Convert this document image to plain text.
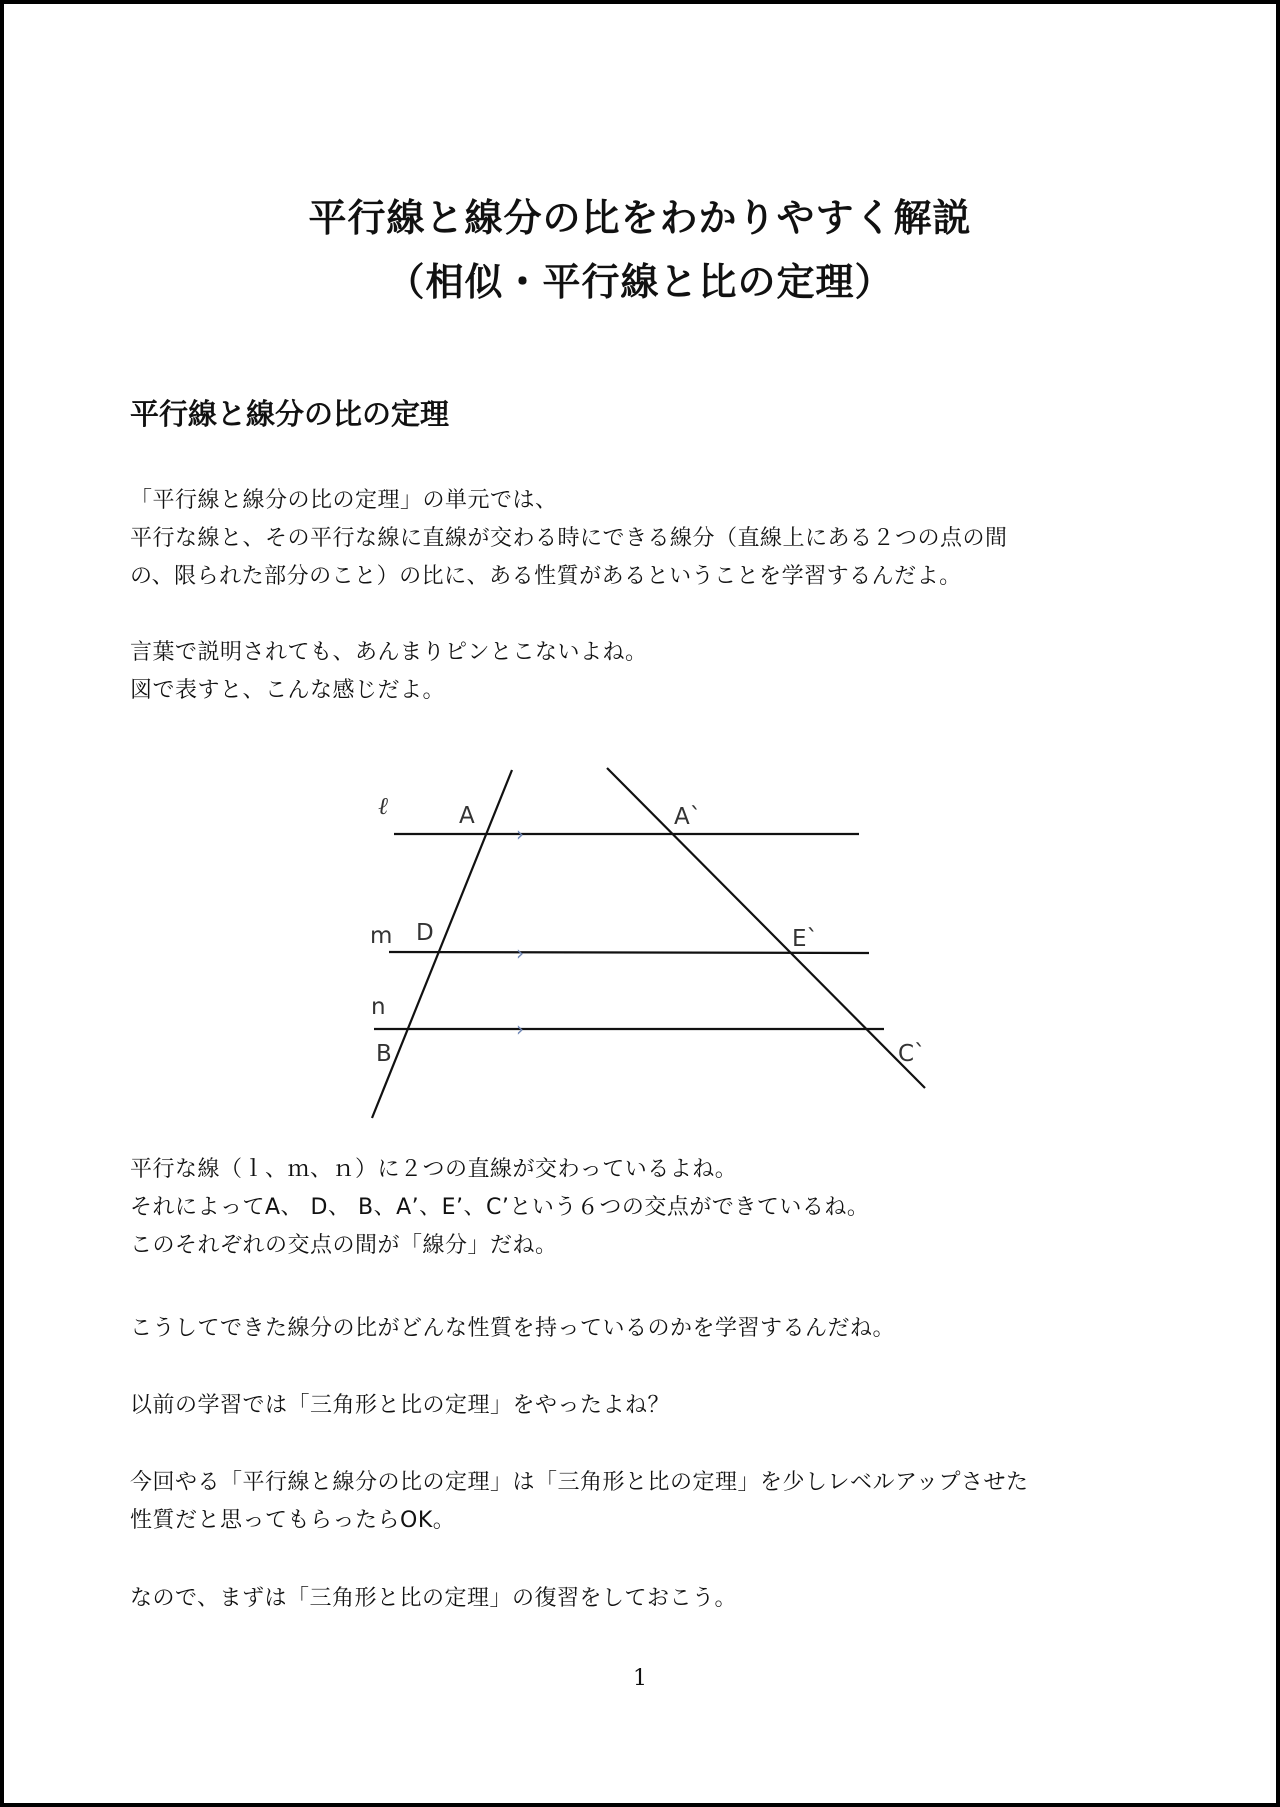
平行線と線分の比をわかりやすく解説
（相似・平行線と比の定理）
平行線と線分の比の定理

「平行線と線分の比の定理」の単元では、

平行な線と、その平行な線に直線が交わる時にできる線分（直線上にある２つの点の間

の、限られた部分のこと）の比に、ある性質があるということを学習するんだよ。

言葉で説明されても、あんまりピンとこないよね。

図で表すと、こんな感じだよ。

›
›
›
ℓ	A	A`
m D	E`
n
B	C`

平行な線（ｌ、ｍ、ｎ）に２つの直線が交わっているよね。

それによってA、 D、 B、A’、E’、C’という６つの交点ができているね。

このそれぞれの交点の間が「線分」だね。

こうしてできた線分の比がどんな性質を持っているのかを学習するんだね。
以前の学習では「三角形と比の定理」をやったよね？

今回やる「平行線と線分の比の定理」は「三角形と比の定理」を少しレベルアップさせた

性質だと思ってもらったらOK。

なので、まずは「三角形と比の定理」の復習をしておこう。
1
